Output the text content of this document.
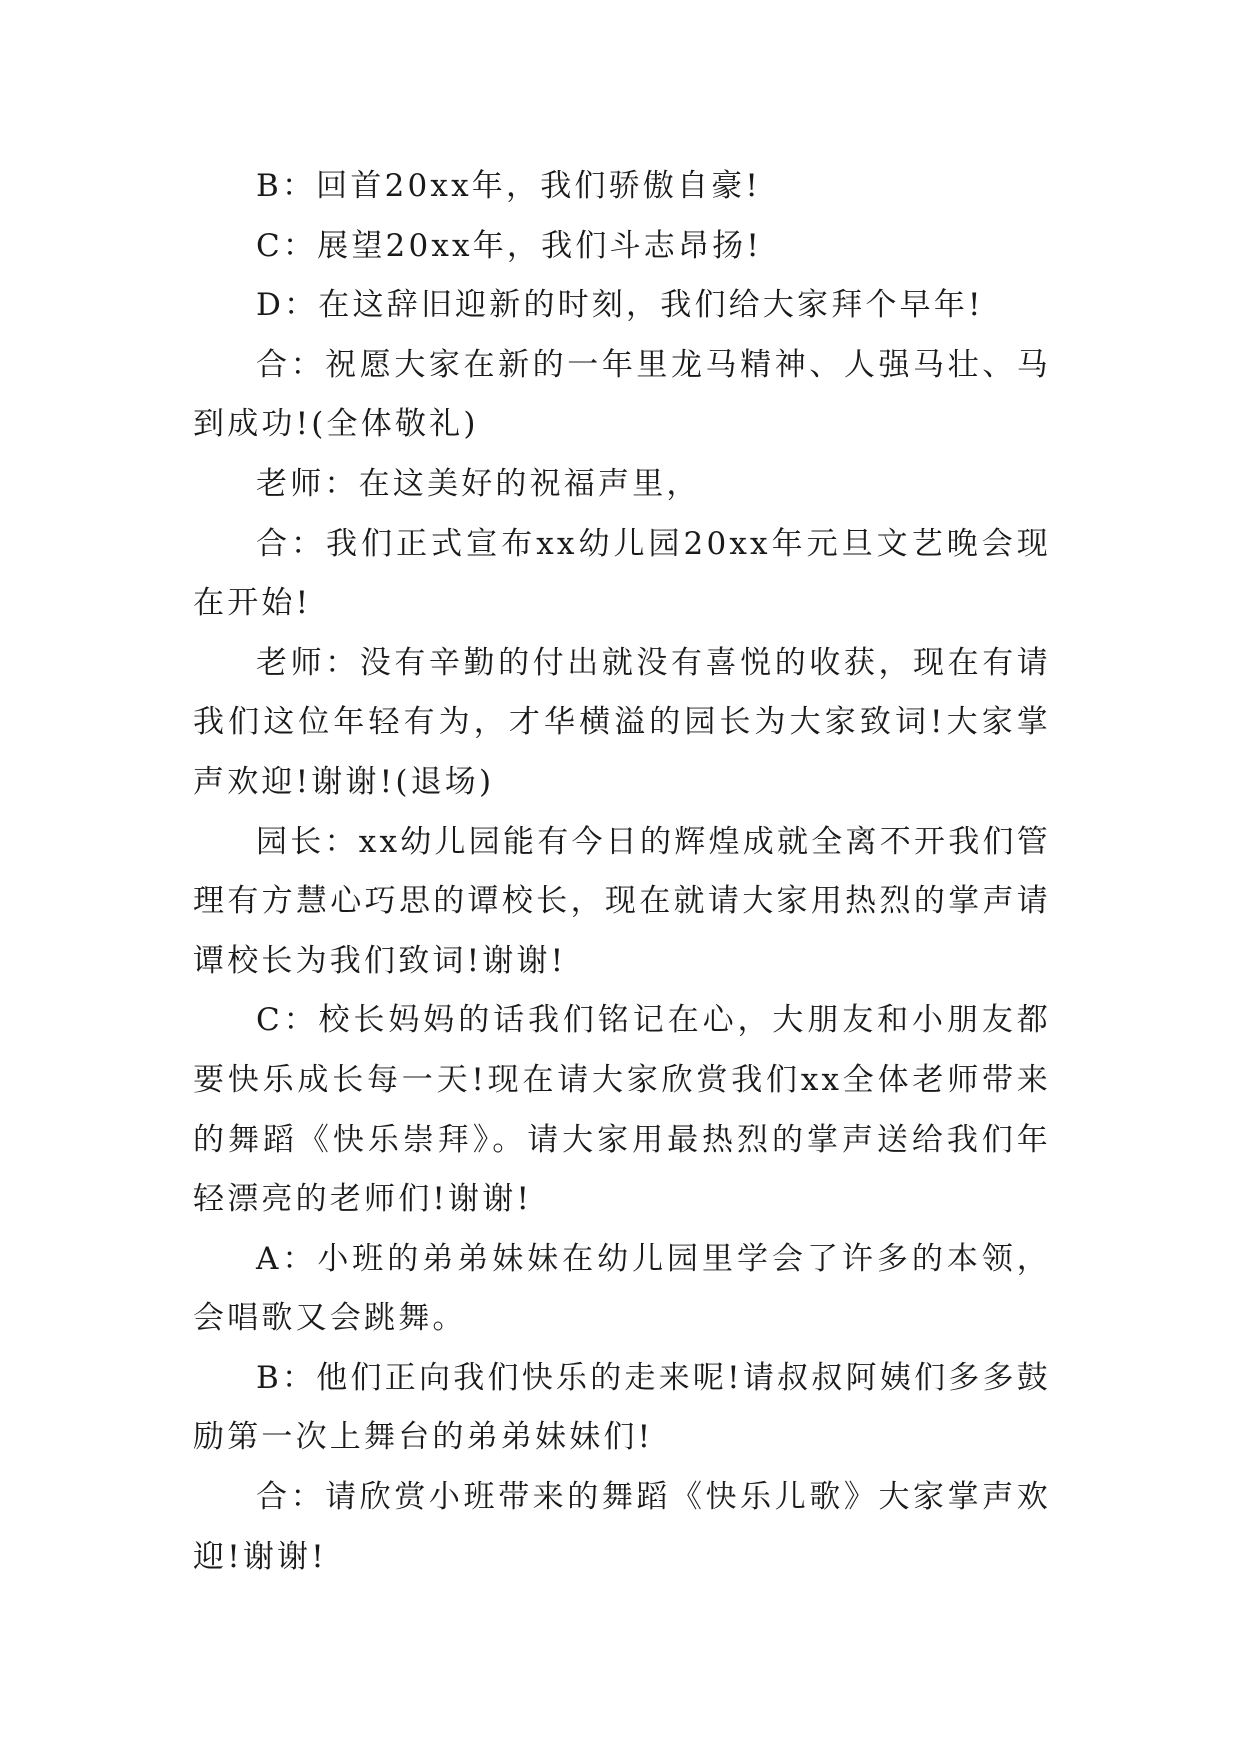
B：回首20xx年，我们骄傲自豪!

C：展望20xx年，我们斗志昂扬!

D：在这辞旧迎新的时刻，我们给大家拜个早年!

合：祝愿大家在新的一年里龙马精神、人强马壮、马到成功!(全体敬礼)

老师：在这美好的祝福声里，

合：我们正式宣布xx幼儿园20xx年元旦文艺晚会现在开始!

老师：没有辛勤的付出就没有喜悦的收获，现在有请我们这位年轻有为，才华横溢的园长为大家致词!大家掌声欢迎!谢谢!(退场)

园长：xx幼儿园能有今日的辉煌成就全离不开我们管理有方慧心巧思的谭校长，现在就请大家用热烈的掌声请谭校长为我们致词!谢谢!

C：校长妈妈的话我们铭记在心，大朋友和小朋友都要快乐成长每一天!现在请大家欣赏我们xx全体老师带来的舞蹈《快乐崇拜》。请大家用最热烈的掌声送给我们年轻漂亮的老师们!谢谢!

A：小班的弟弟妹妹在幼儿园里学会了许多的本领，会唱歌又会跳舞。

B：他们正向我们快乐的走来呢!请叔叔阿姨们多多鼓励第一次上舞台的弟弟妹妹们!

合：请欣赏小班带来的舞蹈《快乐儿歌》大家掌声欢迎!谢谢!
